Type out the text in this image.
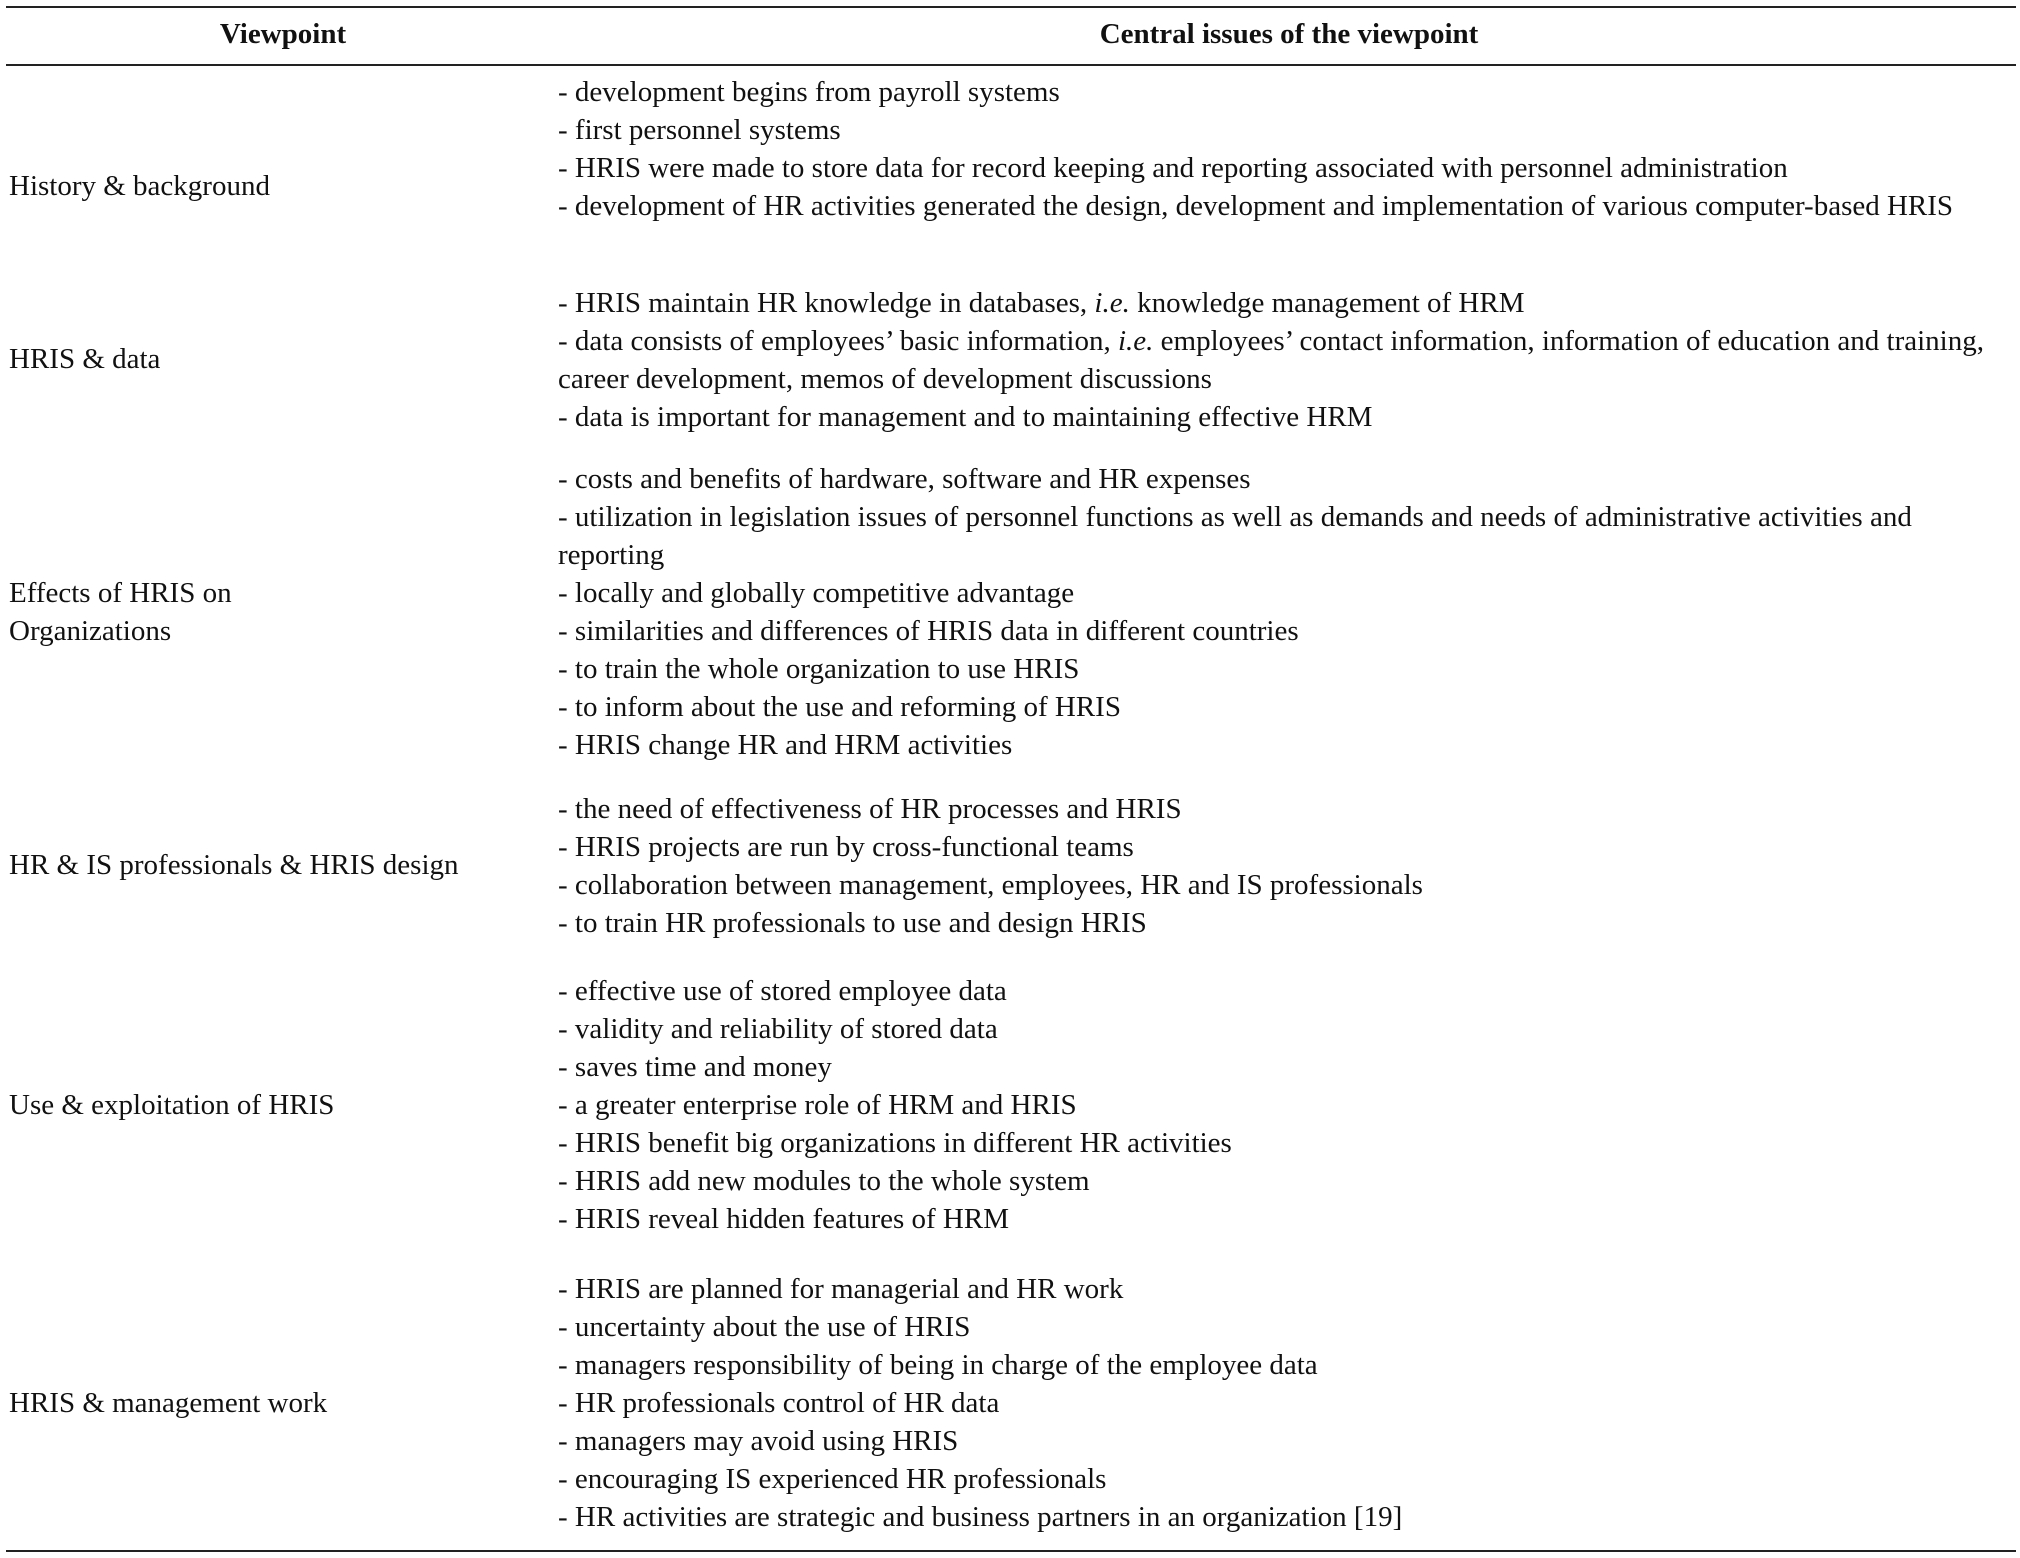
Viewpoint	Central issues of the viewpoint
History & background
- development begins from payroll systems
- first personnel systems
- HRIS were made to store data for record keeping and reporting associated with personnel administration
- development of HR activities generated the design, development and implementation of various computer-based HRIS
HRIS & data
- HRIS maintain HR knowledge in databases, i.e. knowledge management of HRM
- data consists of employees’ basic information, i.e. employees’ contact information, information of education and training, career development, memos of development discussions
- data is important for management and to maintaining effective HRM
Effects of HRIS on Organizations
- costs and benefits of hardware, software and HR expenses
- utilization in legislation issues of personnel functions as well as demands and needs of administrative activities and reporting
- locally and globally competitive advantage
- similarities and differences of HRIS data in different countries
- to train the whole organization to use HRIS
- to inform about the use and reforming of HRIS
- HRIS change HR and HRM activities
HR & IS professionals & HRIS design
- the need of effectiveness of HR processes and HRIS
- HRIS projects are run by cross-functional teams
- collaboration between management, employees, HR and IS professionals
- to train HR professionals to use and design HRIS
Use & exploitation of HRIS
- effective use of stored employee data
- validity and reliability of stored data
- saves time and money
- a greater enterprise role of HRM and HRIS
- HRIS benefit big organizations in different HR activities
- HRIS add new modules to the whole system
- HRIS reveal hidden features of HRM
HRIS & management work
- HRIS are planned for managerial and HR work
- uncertainty about the use of HRIS
- managers responsibility of being in charge of the employee data
- HR professionals control of HR data
- managers may avoid using HRIS
- encouraging IS experienced HR professionals
- HR activities are strategic and business partners in an organization [19]
